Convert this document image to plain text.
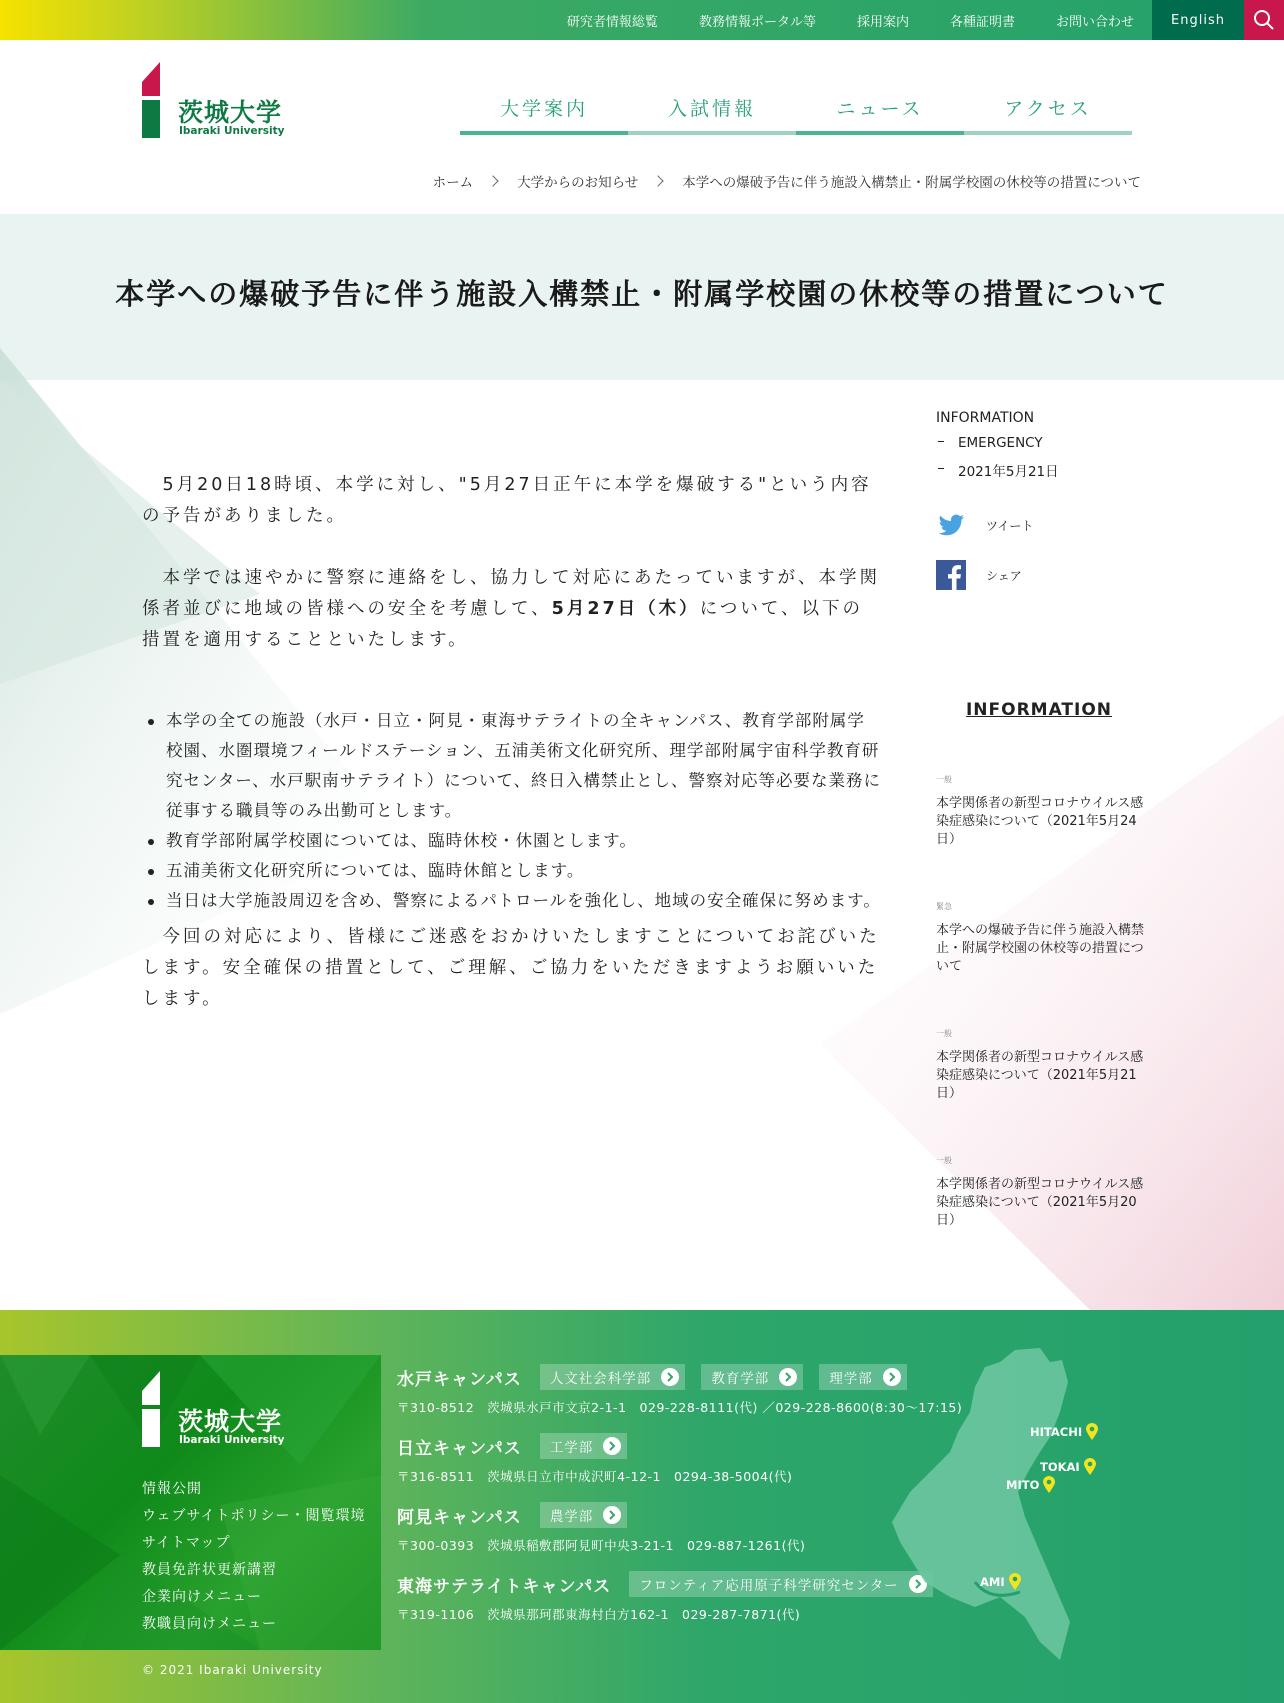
研究者情報総覧	教務情報ポータル等	採用案内	各種証明書	お問い合わせ	English
茨城大学
Ibaraki University
大学案内	入試情報	ニュース	アクセス
ホーム	大学からのお知らせ	本学への爆破予告に伴う施設入構禁止・附属学校園の休校等の措置について
本学への爆破予告に伴う施設入構禁止・附属学校園の休校等の措置について

　5月20日18時頃、本学に対し、"5月27日正午に本学を爆破する"という内容の予告がありました。

　本学では速やかに警察に連絡をし、協力して対応にあたっていますが、本学関係者並びに地域の皆様への安全を考慮して、5月27日（木）について、以下の措置を適用することといたします。

本学の全ての施設（水戸・日立・阿見・東海サテライトの全キャンパス、教育学部附属学校園、水圏環境フィールドステーション、五浦美術文化研究所、理学部附属宇宙科学教育研究センター、水戸駅南サテライト）について、終日入構禁止とし、警察対応等必要な業務に従事する職員等のみ出勤可とします。
教育学部附属学校園については、臨時休校・休園とします。
五浦美術文化研究所については、臨時休館とします。
当日は大学施設周辺を含め、警察によるパトロールを強化し、地域の安全確保に努めます。

　今回の対応により、皆様にご迷惑をおかけいたしますことについてお詫びいたします。安全確保の措置として、ご理解、ご協力をいただきますようお願いいたします。

INFORMATION
EMERGENCY
2021年5月21日
ツイート
シェア
INFORMATION
一般
本学関係者の新型コロナウイルス感染症感染について（2021年5月24日）
緊急
本学への爆破予告に伴う施設入構禁止・附属学校園の休校等の措置について
一般
本学関係者の新型コロナウイルス感染症感染について（2021年5月21日）
一般
本学関係者の新型コロナウイルス感染症感染について（2021年5月20日）
茨城大学
Ibaraki University
情報公開
ウェブサイトポリシー・閲覧環境
サイトマップ
教員免許状更新講習
企業向けメニュー
教職員向けメニュー
© 2021 Ibaraki University
水戸キャンパス 人文社会科学部	教育学部	理学部
〒310-8512　茨城県水戸市文京2-1-1　029-228-8111(代) ／029-228-8600(8:30～17:15)
日立キャンパス 工学部
〒316-8511　茨城県日立市中成沢町4-12-1　0294-38-5004(代)
阿見キャンパス 農学部
〒300-0393　茨城県稲敷郡阿見町中央3-21-1　029-887-1261(代)
東海サテライトキャンパス フロンティア応用原子科学研究センター
〒319-1106　茨城県那珂郡東海村白方162-1　029-287-7871(代)
HITACHI
TOKAI
MITO
AMI
